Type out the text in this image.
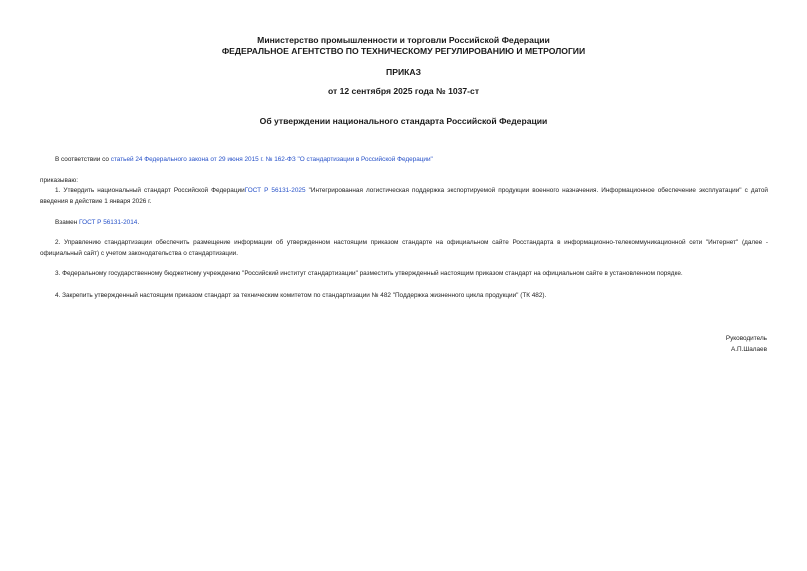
Министерство промышленности и торговли Российской Федерации
ФЕДЕРАЛЬНОЕ АГЕНТСТВО ПО ТЕХНИЧЕСКОМУ РЕГУЛИРОВАНИЮ И МЕТРОЛОГИИ
ПРИКАЗ
от 12 сентября 2025 года № 1037-ст
Об утверждении национального стандарта Российской Федерации
В соответствии со статьей 24 Федерального закона от 29 июня 2015 г. № 162-ФЗ "О стандартизации в Российской Федерации"
приказываю:
1. Утвердить национальный стандарт Российской ФедерацииГОСТ Р 56131-2025 "Интегрированная логистическая поддержка экспортируемой продукции военного назначения. Информационное обеспечение эксплуатации" с датой введения в действие 1 января 2026 г.
Взамен ГОСТ Р 56131-2014.
2. Управлению стандартизации обеспечить размещение информации об утвержденном настоящим приказом стандарте на официальном сайте Росстандарта в информационно-телекоммуникационной сети "Интернет" (далее - официальный сайт) с учетом законодательства о стандартизации.
3. Федеральному государственному бюджетному учреждению "Российский институт стандартизации" разместить утвержденный настоящим приказом стандарт на официальном сайте в установленном порядке.
4. Закрепить утвержденный настоящим приказом стандарт за техническим комитетом по стандартизации № 482 "Поддержка жизненного цикла продукции" (ТК 482).
Руководитель
А.П.Шалаев
